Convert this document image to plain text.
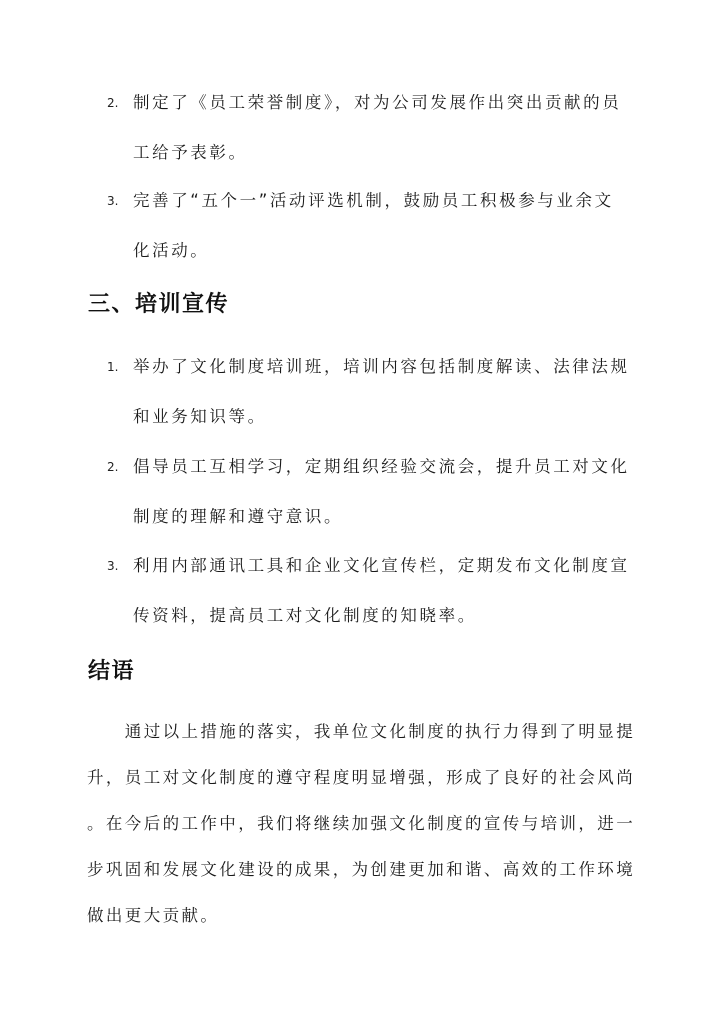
2. 制定了《员工荣誉制度》，对为公司发展作出突出贡献的员
工给予表彰。
3. 完善了“五个一”活动评选机制，鼓励员工积极参与业余文
化活动。
三、培训宣传
1. 举办了文化制度培训班，培训内容包括制度解读、法律法规
和业务知识等。
2. 倡导员工互相学习，定期组织经验交流会，提升员工对文化
制度的理解和遵守意识。
3. 利用内部通讯工具和企业文化宣传栏，定期发布文化制度宣
传资料，提高员工对文化制度的知晓率。
结语
　　通过以上措施的落实，我单位文化制度的执行力得到了明显提
升，员工对文化制度的遵守程度明显增强，形成了良好的社会风尚
。在今后的工作中，我们将继续加强文化制度的宣传与培训，进一
步巩固和发展文化建设的成果，为创建更加和谐、高效的工作环境
做出更大贡献。
